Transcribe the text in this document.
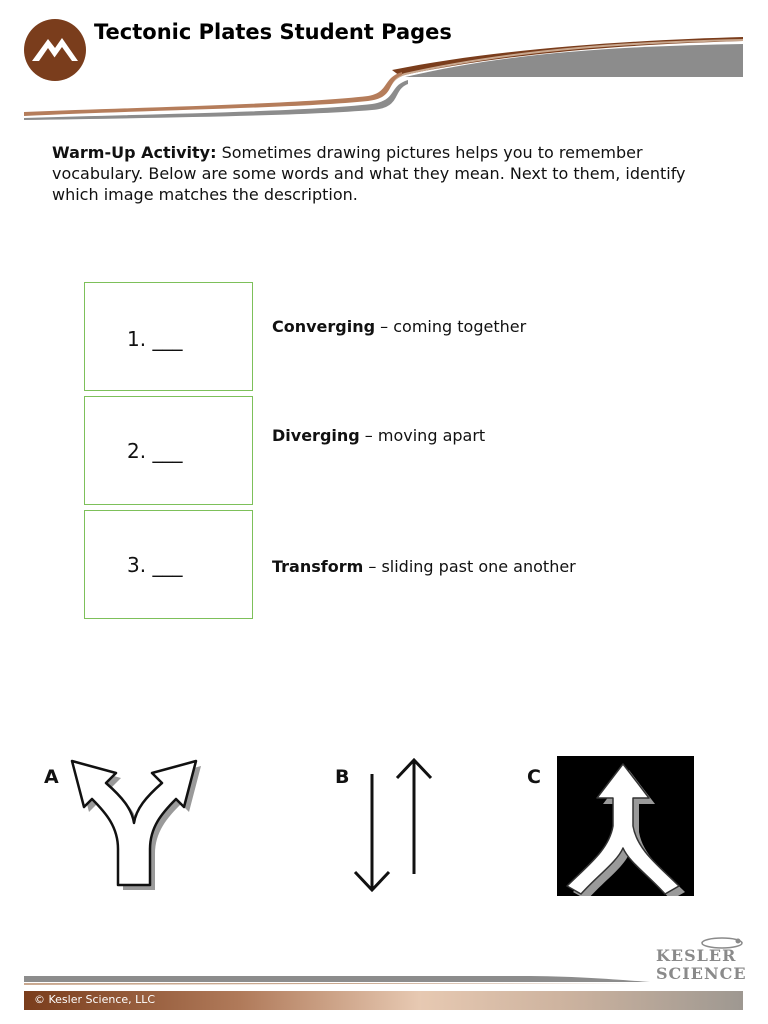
Tectonic Plates Student Pages
Warm-Up Activity: Sometimes drawing pictures helps you to remember vocabulary. Below are some words and what they mean. Next to them, identify which image matches the description.
1. ___
2. ___
3. ___
Converging – coming together
Diverging – moving apart
Transform – sliding past one another
A	B	C
KESLER
SCIENCE
© Kesler Science, LLC
